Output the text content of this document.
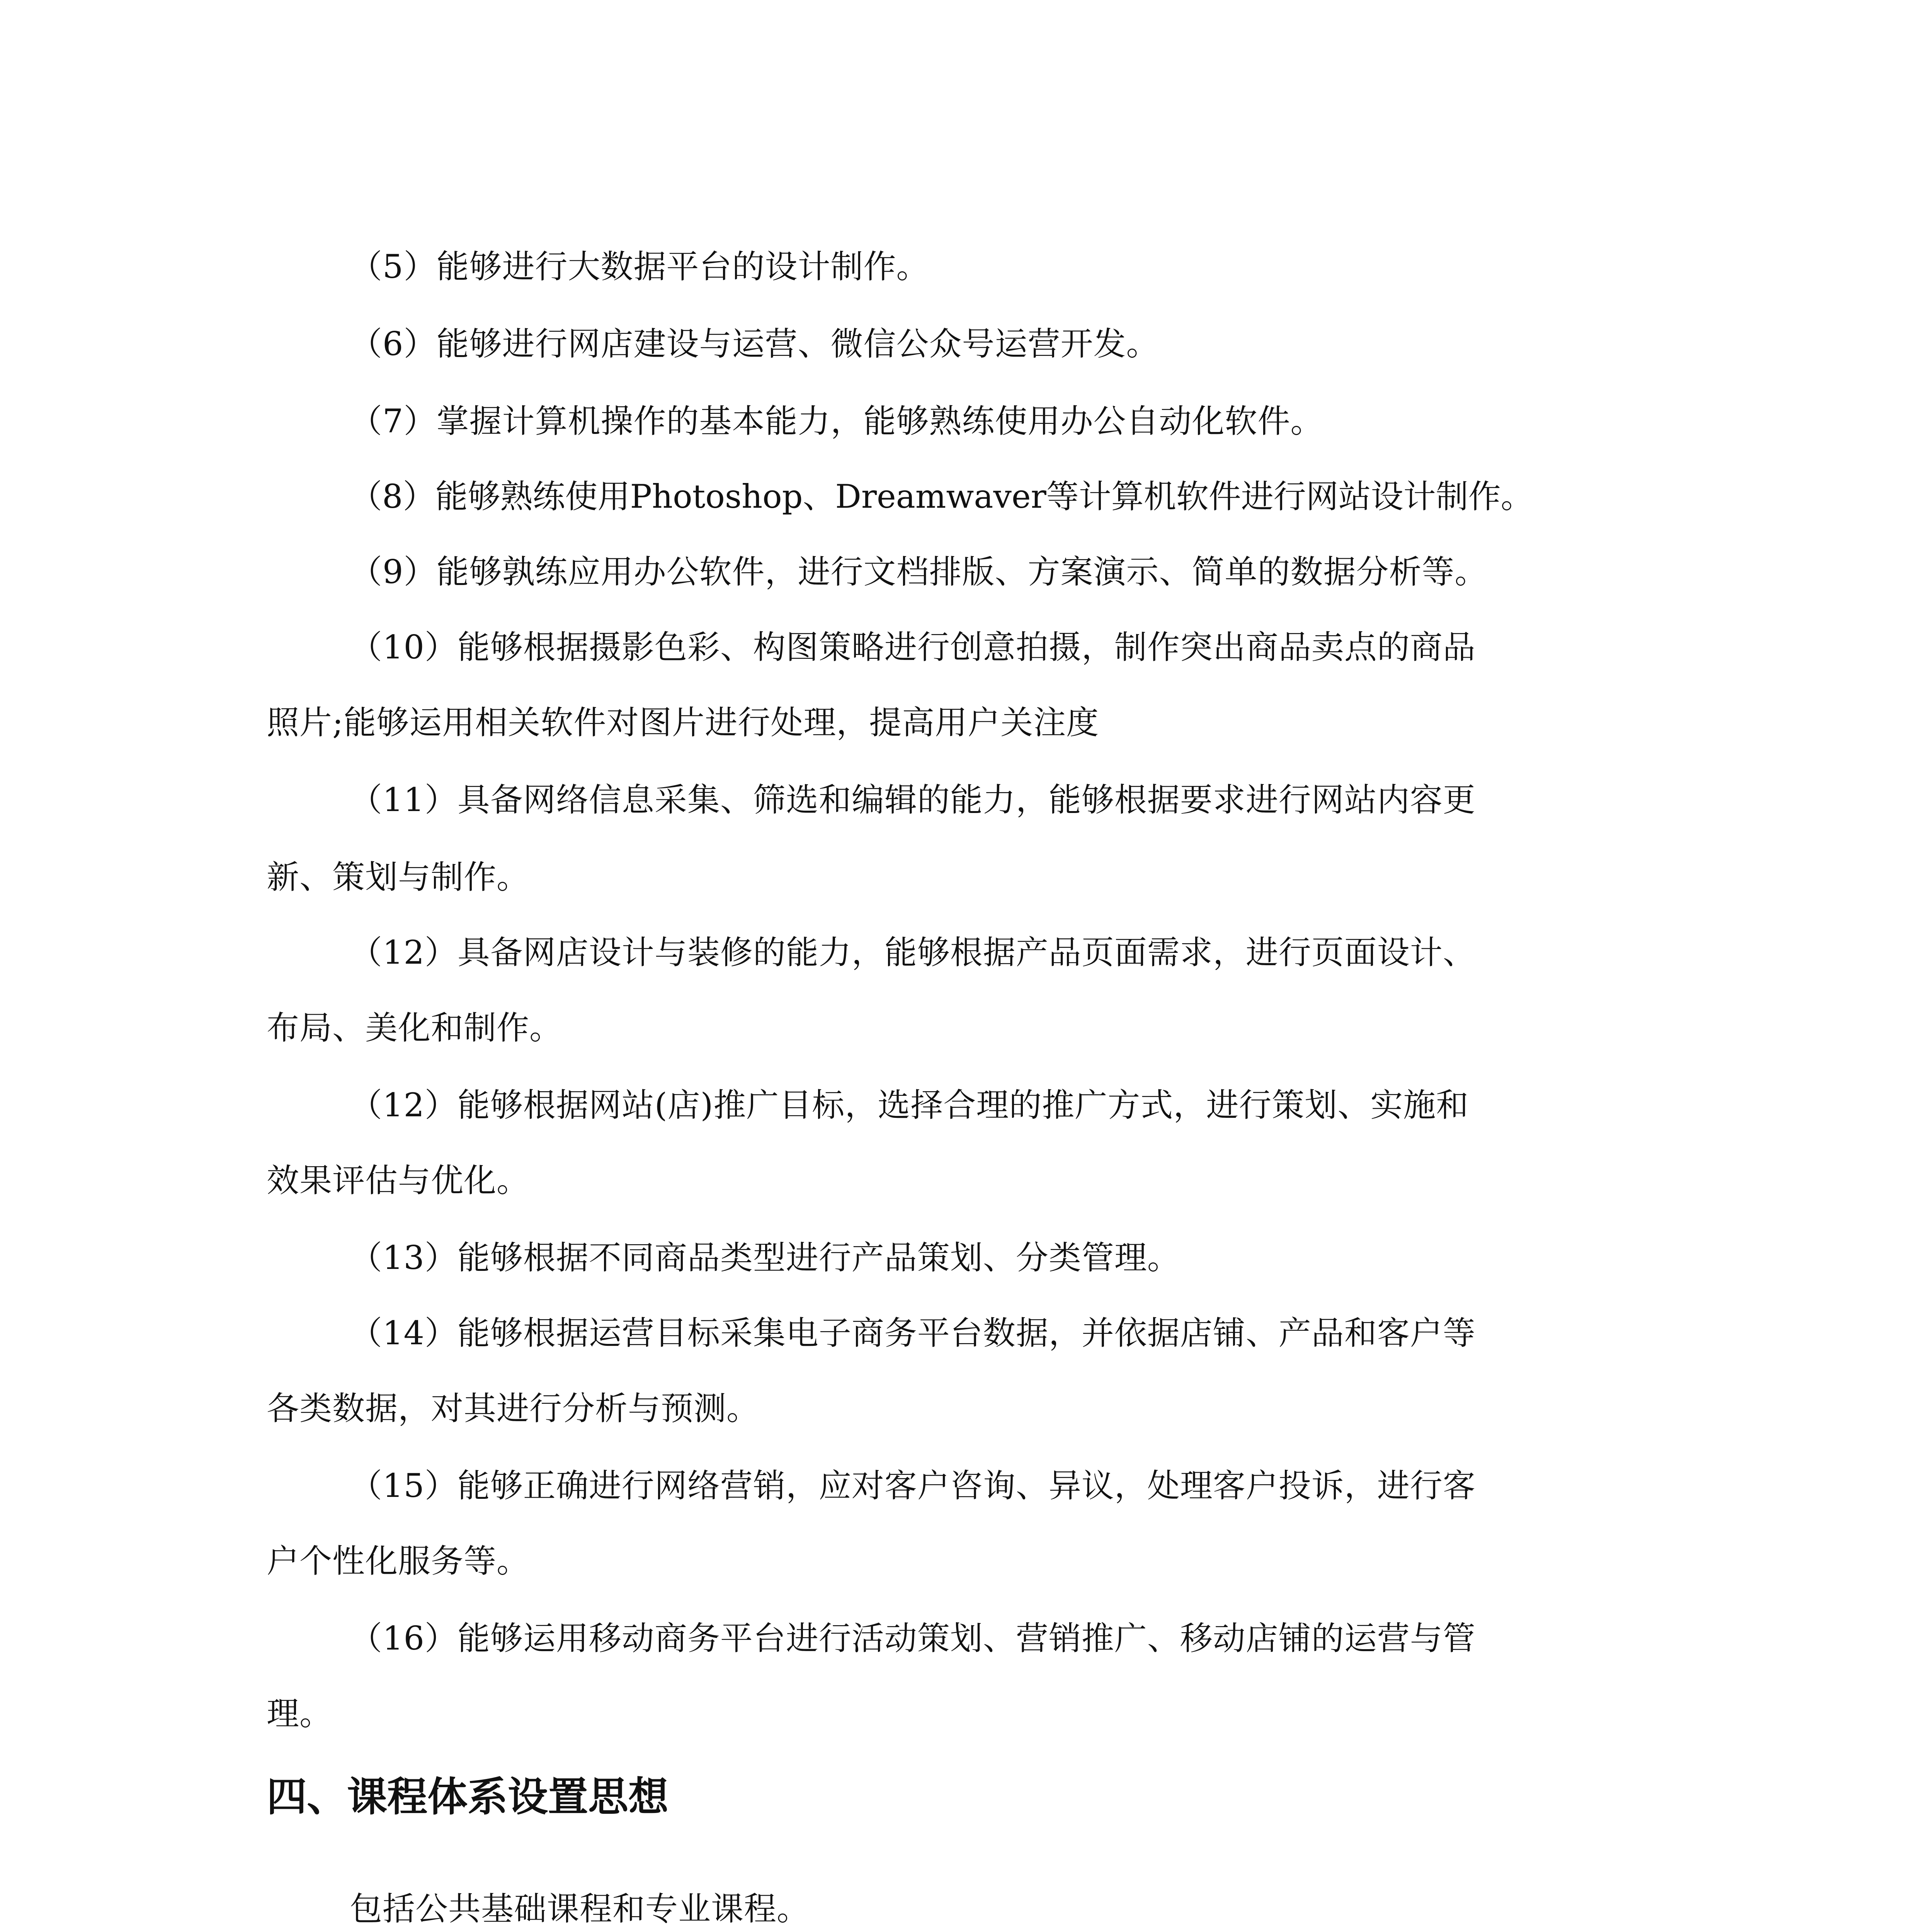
（5）能够进行大数据平台的设计制作。
（6）能够进行网店建设与运营、微信公众号运营开发。
（7）掌握计算机操作的基本能力，能够熟练使用办公自动化软件。
（8）能够熟练使用Photoshop、Dreamwaver等计算机软件进行网站设计制作。
（9）能够孰练应用办公软件，进行文档排版、方案演示、简单的数据分析等。
（10）能够根据摄影色彩、构图策略进行创意拍摄，制作突出商品卖点的商品
照片;能够运用相关软件对图片进行处理，提高用户关注度
（11）具备网络信息采集、筛选和编辑的能力，能够根据要求进行网站内容更
新、策划与制作。
（12）具备网店设计与装修的能力，能够根据产品页面需求，进行页面设计、
布局、美化和制作。
（12）能够根据网站(店)推广目标，选择合理的推广方式，进行策划、实施和
效果评估与优化。
（13）能够根据不同商品类型进行产品策划、分类管理。
（14）能够根据运营目标采集电子商务平台数据，并依据店铺、产品和客户等
各类数据，对其进行分析与预测。
（15）能够正确进行网络营销，应对客户咨询、异议，处理客户投诉，进行客
户个性化服务等。
（16）能够运用移动商务平台进行活动策划、营销推广、移动店铺的运营与管
理。
四、课程体系设置思想
包括公共基础课程和专业课程。
